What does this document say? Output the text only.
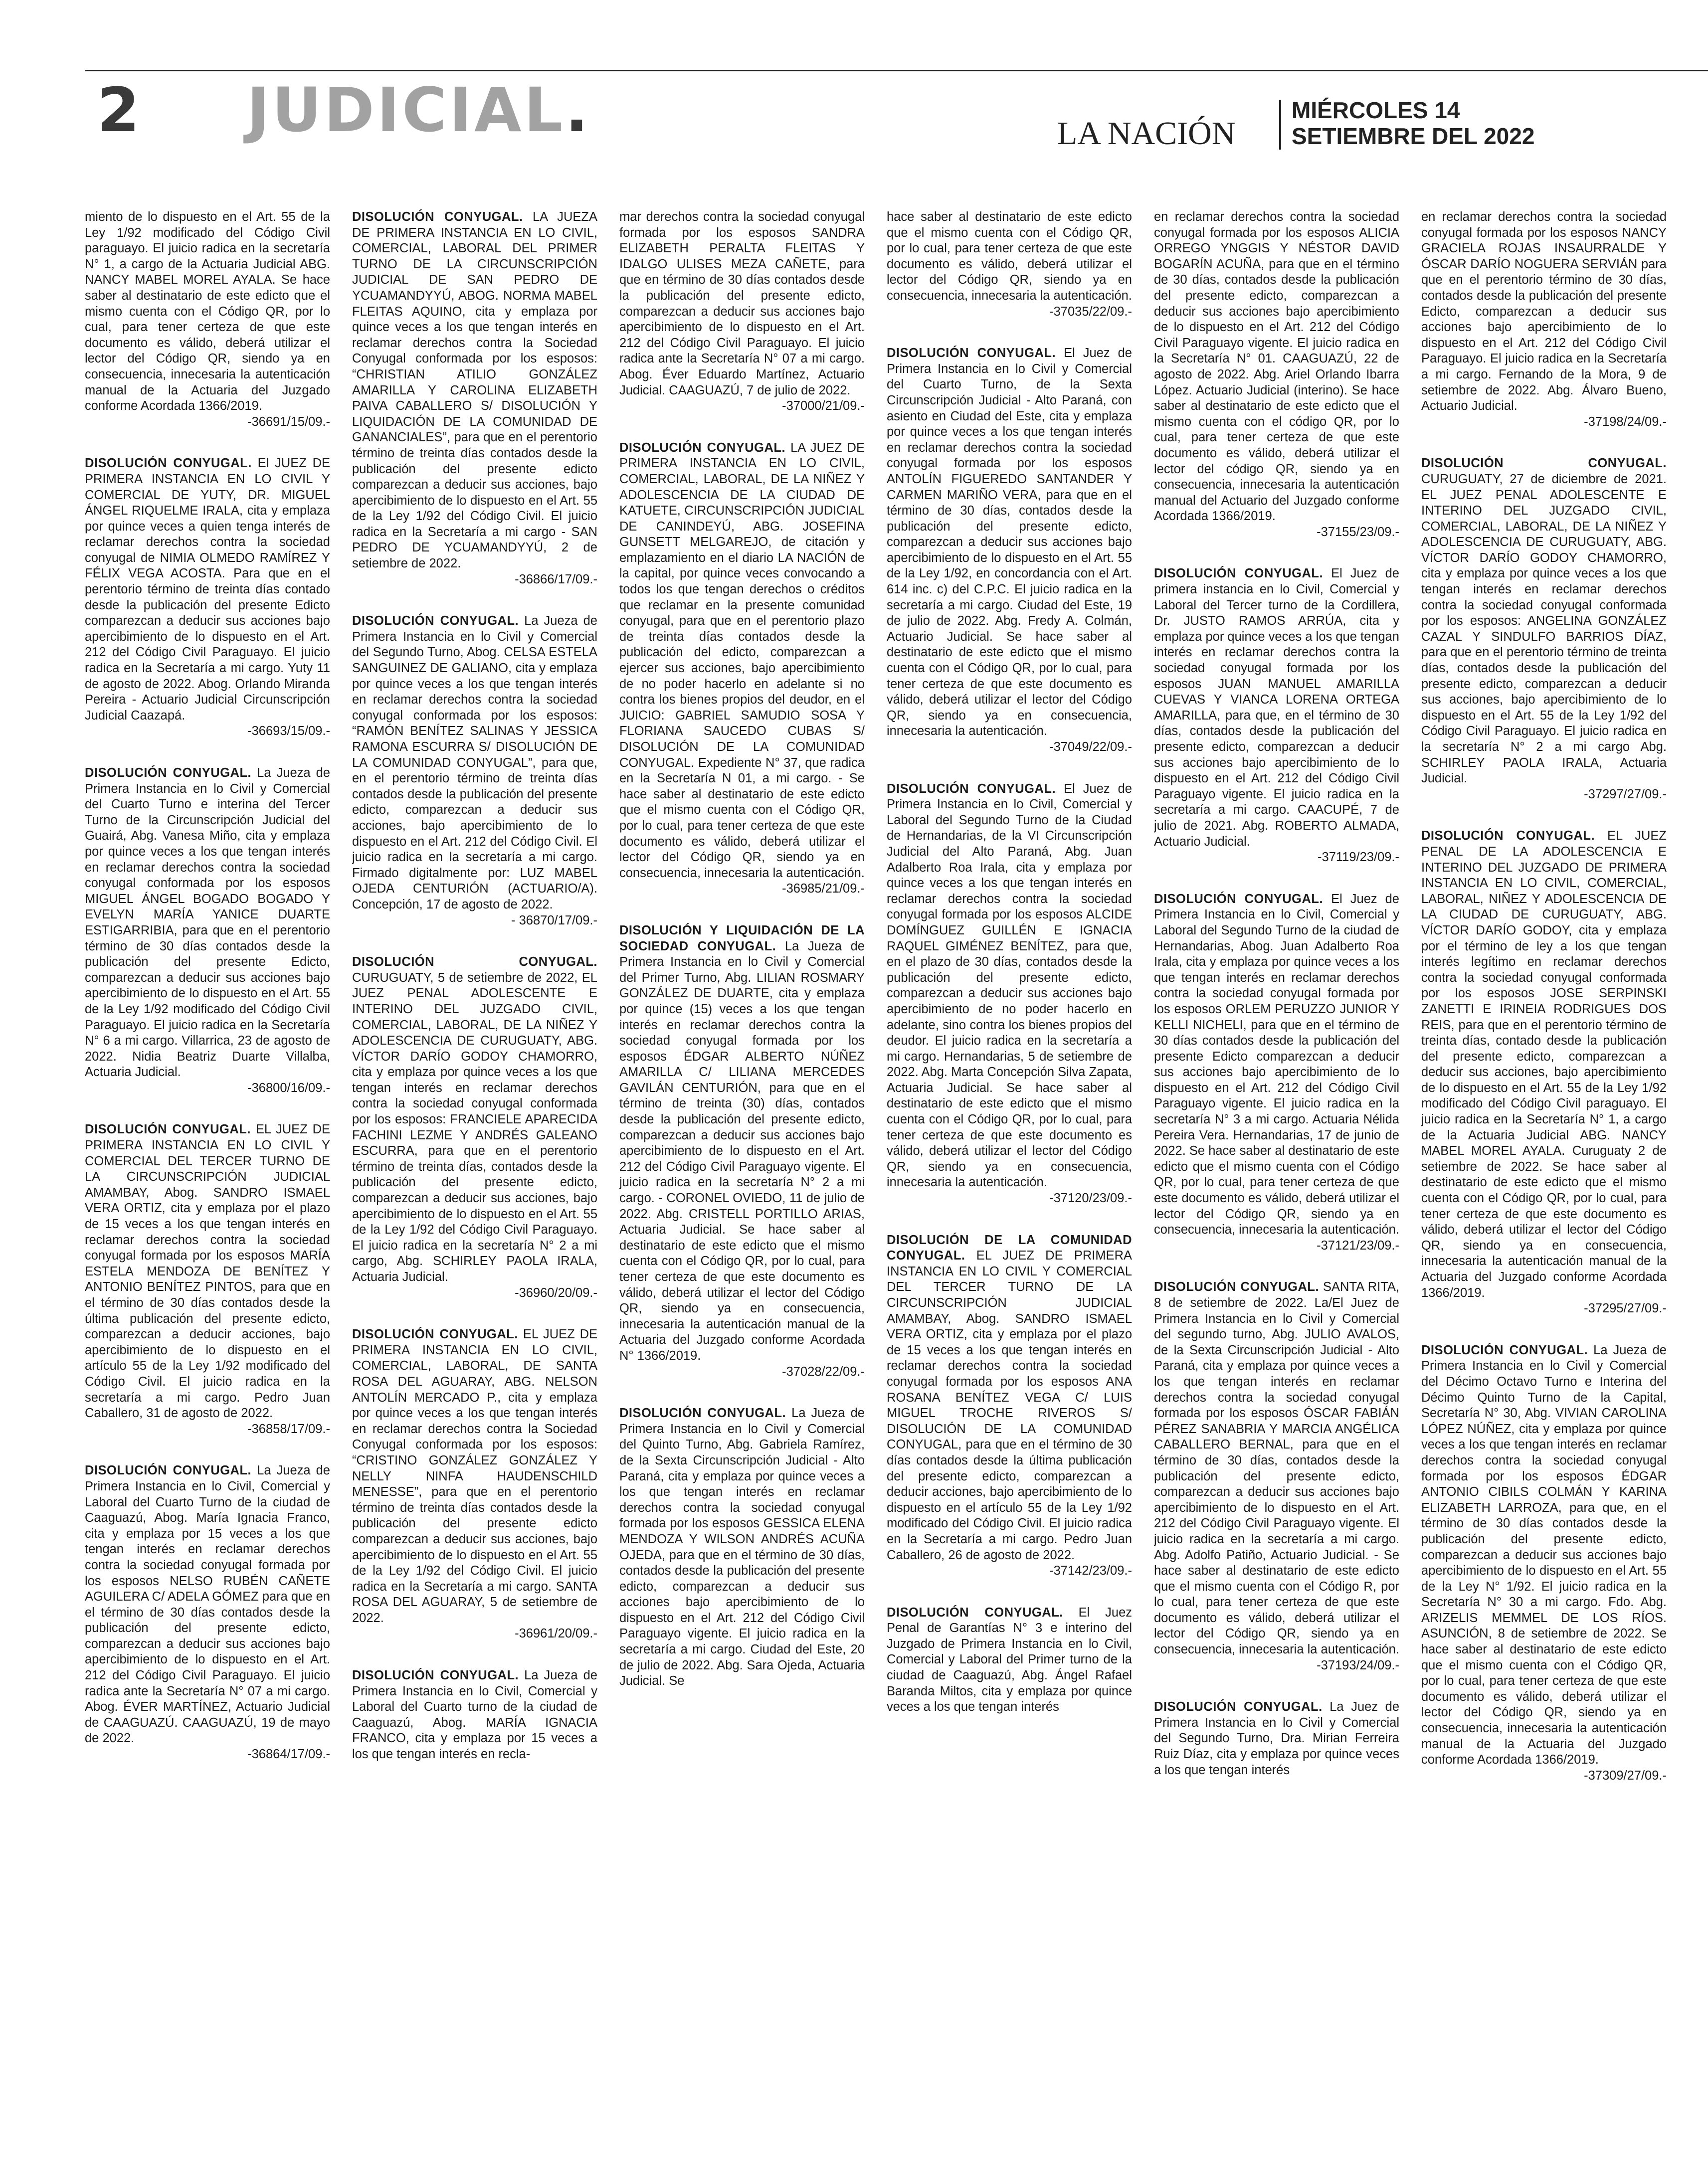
2 JUDICIAL.	LA NACIÓN
MIÉRCOLES 14
SETIEMBRE DEL 2022

miento de lo dispuesto en el Art. 55 de la Ley 1/92 modificado del Código Civil paraguayo. El juicio radica en la secretaría N° 1, a cargo de la Actuaria Judicial ABG. NANCY MABEL MOREL AYALA. Se hace saber al destinatario de este edicto que el mismo cuenta con el Código QR, por lo cual, para tener certeza de que este documento es válido, deberá utilizar el lector del Código QR, siendo ya en consecuencia, innecesaria la autenticación manual de la Actuaria del Juzgado conforme Acordada 1366/2019.
-36691/15/09.-

DISOLUCIÓN CONYUGAL. El JUEZ DE PRIMERA INSTANCIA EN LO CIVIL Y COMERCIAL DE YUTY, DR. MIGUEL ÁNGEL RIQUELME IRALA, cita y emplaza por quince veces a quien tenga interés de reclamar derechos contra la sociedad conyugal de NIMIA OLMEDO RAMÍREZ Y FÉLIX VEGA ACOSTA. Para que en el perentorio término de treinta días contado desde la publicación del presente Edicto comparezcan a deducir sus acciones bajo apercibimiento de lo dispuesto en el Art. 212 del Código Civil Paraguayo. El juicio radica en la Secretaría a mi cargo. Yuty 11 de agosto de 2022. Abog. Orlando Miranda Pereira - Actuario Judicial Circunscripción Judicial Caazapá.
-36693/15/09.-

DISOLUCIÓN CONYUGAL. La Jueza de Primera Instancia en lo Civil y Comercial del Cuarto Turno e interina del Tercer Turno de la Circunscripción Judicial del Guairá, Abg. Vanesa Miño, cita y emplaza por quince veces a los que tengan interés en reclamar derechos contra la sociedad conyugal conformada por los esposos MIGUEL ÁNGEL BOGADO BOGADO Y EVELYN MARÍA YANICE DUARTE ESTIGARRIBIA, para que en el perentorio término de 30 días contados desde la publicación del presente Edicto, comparezcan a deducir sus acciones bajo apercibimiento de lo dispuesto en el Art. 55 de la Ley 1/92 modificado del Código Civil Paraguayo. El juicio radica en la Secretaría N° 6 a mi cargo. Villarrica, 23 de agosto de 2022. Nidia Beatriz Duarte Villalba, Actuaria Judicial.
-36800/16/09.-

DISOLUCIÓN CONYUGAL. EL JUEZ DE PRIMERA INSTANCIA EN LO CIVIL Y COMERCIAL DEL TERCER TURNO DE LA CIRCUNSCRIPCIÓN JUDICIAL AMAMBAY, Abog. SANDRO ISMAEL VERA ORTIZ, cita y emplaza por el plazo de 15 veces a los que tengan interés en reclamar derechos contra la sociedad conyugal formada por los esposos MARÍA ESTELA MENDOZA DE BENÍTEZ Y ANTONIO BENÍTEZ PINTOS, para que en el término de 30 días contados desde la última publicación del presente edicto, comparezcan a deducir acciones, bajo apercibimiento de lo dispuesto en el artículo 55 de la Ley 1/92 modificado del Código Civil. El juicio radica en la secretaría a mi cargo. Pedro Juan Caballero, 31 de agosto de 2022.
-36858/17/09.-

DISOLUCIÓN CONYUGAL. La Jueza de Primera Instancia en lo Civil, Comercial y Laboral del Cuarto Turno de la ciudad de Caaguazú, Abog. María Ignacia Franco, cita y emplaza por 15 veces a los que tengan interés en reclamar derechos contra la sociedad conyugal formada por los esposos NELSO RUBÉN CAÑETE AGUILERA C/ ADELA GÓMEZ para que en el término de 30 días contados desde la publicación del presente edicto, comparezcan a deducir sus acciones bajo apercibimiento de lo dispuesto en el Art. 212 del Código Civil Paraguayo. El juicio radica ante la Secretaría N° 07 a mi cargo. Abog. ÉVER MARTÍNEZ, Actuario Judicial de CAAGUAZÚ. CAAGUAZÚ, 19 de mayo de 2022.
-36864/17/09.-

DISOLUCIÓN CONYUGAL. LA JUEZA DE PRIMERA INSTANCIA EN LO CIVIL, COMERCIAL, LABORAL DEL PRIMER TURNO DE LA CIRCUNSCRIPCIÓN JUDICIAL DE SAN PEDRO DE YCUAMANDYYÚ, ABOG. NORMA MABEL FLEITAS AQUINO, cita y emplaza por quince veces a los que tengan interés en reclamar derechos contra la Sociedad Conyugal conformada por los esposos: “CHRISTIAN ATILIO GONZÁLEZ AMARILLA Y CAROLINA ELIZABETH PAIVA CABALLERO S/ DISOLUCIÓN Y LIQUIDACIÓN DE LA COMUNIDAD DE GANANCIALES”, para que en el perentorio término de treinta días contados desde la publicación del presente edicto comparezcan a deducir sus acciones, bajo apercibimiento de lo dispuesto en el Art. 55 de la Ley 1/92 del Código Civil. El juicio radica en la Secretaría a mi cargo - SAN PEDRO DE YCUAMANDYYÚ, 2 de setiembre de 2022.
-36866/17/09.-

DISOLUCIÓN CONYUGAL. La Jueza de Primera Instancia en lo Civil y Comercial del Segundo Turno, Abog. CELSA ESTELA SANGUINEZ DE GALIANO, cita y emplaza por quince veces a los que tengan interés en reclamar derechos contra la sociedad conyugal conformada por los esposos: “RAMÓN BENÍTEZ SALINAS Y JESSICA RAMONA ESCURRA S/ DISOLUCIÓN DE LA COMUNIDAD CONYUGAL”, para que, en el perentorio término de treinta días contados desde la publicación del presente edicto, comparezcan a deducir sus acciones, bajo apercibimiento de lo dispuesto en el Art. 212 del Código Civil. El juicio radica en la secretaría a mi cargo. Firmado digitalmente por: LUZ MABEL OJEDA CENTURIÓN (ACTUARIO/A). Concepción, 17 de agosto de 2022.
- 36870/17/09.-

DISOLUCIÓN CONYUGAL. CURUGUATY, 5 de setiembre de 2022, EL JUEZ PENAL ADOLESCENTE E INTERINO DEL JUZGADO CIVIL, COMERCIAL, LABORAL, DE LA NIÑEZ Y ADOLESCENCIA DE CURUGUATY, ABG. VÍCTOR DARÍO GODOY CHAMORRO, cita y emplaza por quince veces a los que tengan interés en reclamar derechos contra la sociedad conyugal conformada por los esposos: FRANCIELE APARECIDA FACHINI LEZME Y ANDRÉS GALEANO ESCURRA, para que en el perentorio término de treinta días, contados desde la publicación del presente edicto, comparezcan a deducir sus acciones, bajo apercibimiento de lo dispuesto en el Art. 55 de la Ley 1/92 del Código Civil Paraguayo. El juicio radica en la secretaría N° 2 a mi cargo, Abg. SCHIRLEY PAOLA IRALA, Actuaria Judicial.
-36960/20/09.-

DISOLUCIÓN CONYUGAL. EL JUEZ DE PRIMERA INSTANCIA EN LO CIVIL, COMERCIAL, LABORAL, DE SANTA ROSA DEL AGUARAY, ABG. NELSON ANTOLÍN MERCADO P., cita y emplaza por quince veces a los que tengan interés en reclamar derechos contra la Sociedad Conyugal conformada por los esposos: “CRISTINO GONZÁLEZ GONZÁLEZ Y NELLY NINFA HAUDENSCHILD MENESSE”, para que en el perentorio término de treinta días contados desde la publicación del presente edicto comparezcan a deducir sus acciones, bajo apercibimiento de lo dispuesto en el Art. 55 de la Ley 1/92 del Código Civil. El juicio radica en la Secretaría a mi cargo. SANTA ROSA DEL AGUARAY, 5 de setiembre de 2022.
-36961/20/09.-

DISOLUCIÓN CONYUGAL. La Jueza de Primera Instancia en lo Civil, Comercial y Laboral del Cuarto turno de la ciudad de Caaguazú, Abog. MARÍA IGNACIA FRANCO, cita y emplaza por 15 veces a los que tengan interés en recla-

mar derechos contra la sociedad conyugal formada por los esposos SANDRA ELIZABETH PERALTA FLEITAS Y IDALGO ULISES MEZA CAÑETE, para que en término de 30 días contados desde la publicación del presente edicto, comparezcan a deducir sus acciones bajo apercibimiento de lo dispuesto en el Art. 212 del Código Civil Paraguayo. El juicio radica ante la Secretaría N° 07 a mi cargo. Abog. Éver Eduardo Martínez, Actuario Judicial. CAAGUAZÚ, 7 de julio de 2022.
-37000/21/09.-

DISOLUCIÓN CONYUGAL. LA JUEZ DE PRIMERA INSTANCIA EN LO CIVIL, COMERCIAL, LABORAL, DE LA NIÑEZ Y ADOLESCENCIA DE LA CIUDAD DE KATUETE, CIRCUNSCRIPCIÓN JUDICIAL DE CANINDEYÚ, ABG. JOSEFINA GUNSETT MELGAREJO, de citación y emplazamiento en el diario LA NACIÓN de la capital, por quince veces convocando a todos los que tengan derechos o créditos que reclamar en la presente comunidad conyugal, para que en el perentorio plazo de treinta días contados desde la publicación del edicto, comparezcan a ejercer sus acciones, bajo apercibimiento de no poder hacerlo en adelante si no contra los bienes propios del deudor, en el JUICIO: GABRIEL SAMUDIO SOSA Y FLORIANA SAUCEDO CUBAS S/ DISOLUCIÓN DE LA COMUNIDAD CONYUGAL. Expediente N° 37, que radica en la Secretaría N 01, a mi cargo. - Se hace saber al destinatario de este edicto que el mismo cuenta con el Código QR, por lo cual, para tener certeza de que este documento es válido, deberá utilizar el lector del Código QR, siendo ya en consecuencia, innecesaria la autenticación.
-36985/21/09.-

DISOLUCIÓN Y LIQUIDACIÓN DE LA SOCIEDAD CONYUGAL. La Jueza de Primera Instancia en lo Civil y Comercial del Primer Turno, Abg. LILIAN ROSMARY GONZÁLEZ DE DUARTE, cita y emplaza por quince (15) veces a los que tengan interés en reclamar derechos contra la sociedad conyugal formada por los esposos ÉDGAR ALBERTO NÚÑEZ AMARILLA C/ LILIANA MERCEDES GAVILÁN CENTURIÓN, para que en el término de treinta (30) días, contados desde la publicación del presente edicto, comparezcan a deducir sus acciones bajo apercibimiento de lo dispuesto en el Art. 212 del Código Civil Paraguayo vigente. El juicio radica en la secretaría N° 2 a mi cargo. - CORONEL OVIEDO, 11 de julio de 2022. Abg. CRISTELL PORTILLO ARIAS, Actuaria Judicial. Se hace saber al destinatario de este edicto que el mismo cuenta con el Código QR, por lo cual, para tener certeza de que este documento es válido, deberá utilizar el lector del Código QR, siendo ya en consecuencia, innecesaria la autenticación manual de la Actuaria del Juzgado conforme Acordada N° 1366/2019.
-37028/22/09.-

DISOLUCIÓN CONYUGAL. La Jueza de Primera Instancia en lo Civil y Comercial del Quinto Turno, Abg. Gabriela Ramírez, de la Sexta Circunscripción Judicial - Alto Paraná, cita y emplaza por quince veces a los que tengan interés en reclamar derechos contra la sociedad conyugal formada por los esposos GESSICA ELENA MENDOZA Y WILSON ANDRÉS ACUÑA OJEDA, para que en el término de 30 días, contados desde la publicación del presente edicto, comparezcan a deducir sus acciones bajo apercibimiento de lo dispuesto en el Art. 212 del Código Civil Paraguayo vigente. El juicio radica en la secretaría a mi cargo. Ciudad del Este, 20 de julio de 2022. Abg. Sara Ojeda, Actuaria Judicial. Se

hace saber al destinatario de este edicto que el mismo cuenta con el Código QR, por lo cual, para tener certeza de que este documento es válido, deberá utilizar el lector del Código QR, siendo ya en consecuencia, innecesaria la autenticación.
-37035/22/09.-

DISOLUCIÓN CONYUGAL. El Juez de Primera Instancia en lo Civil y Comercial del Cuarto Turno, de la Sexta Circunscripción Judicial - Alto Paraná, con asiento en Ciudad del Este, cita y emplaza por quince veces a los que tengan interés en reclamar derechos contra la sociedad conyugal formada por los esposos ANTOLÍN FIGUEREDO SANTANDER Y CARMEN MARIÑO VERA, para que en el término de 30 días, contados desde la publicación del presente edicto, comparezcan a deducir sus acciones bajo apercibimiento de lo dispuesto en el Art. 55 de la Ley 1/92, en concordancia con el Art. 614 inc. c) del C.P.C. El juicio radica en la secretaría a mi cargo. Ciudad del Este, 19 de julio de 2022. Abg. Fredy A. Colmán, Actuario Judicial. Se hace saber al destinatario de este edicto que el mismo cuenta con el Código QR, por lo cual, para tener certeza de que este documento es válido, deberá utilizar el lector del Código QR, siendo ya en consecuencia, innecesaria la autenticación.
-37049/22/09.-

DISOLUCIÓN CONYUGAL. El Juez de Primera Instancia en lo Civil, Comercial y Laboral del Segundo Turno de la Ciudad de Hernandarias, de la VI Circunscripción Judicial del Alto Paraná, Abg. Juan Adalberto Roa Irala, cita y emplaza por quince veces a los que tengan interés en reclamar derechos contra la sociedad conyugal formada por los esposos ALCIDE DOMÍNGUEZ GUILLÉN E IGNACIA RAQUEL GIMÉNEZ BENÍTEZ, para que, en el plazo de 30 días, contados desde la publicación del presente edicto, comparezcan a deducir sus acciones bajo apercibimiento de no poder hacerlo en adelante, sino contra los bienes propios del deudor. El juicio radica en la secretaría a mi cargo. Hernandarias, 5 de setiembre de 2022. Abg. Marta Concepción Silva Zapata, Actuaria Judicial. Se hace saber al destinatario de este edicto que el mismo cuenta con el Código QR, por lo cual, para tener certeza de que este documento es válido, deberá utilizar el lector del Código QR, siendo ya en consecuencia, innecesaria la autenticación.
-37120/23/09.-

DISOLUCIÓN DE LA COMUNIDAD CONYUGAL. EL JUEZ DE PRIMERA INSTANCIA EN LO CIVIL Y COMERCIAL DEL TERCER TURNO DE LA CIRCUNSCRIPCIÓN JUDICIAL AMAMBAY, Abog. SANDRO ISMAEL VERA ORTIZ, cita y emplaza por el plazo de 15 veces a los que tengan interés en reclamar derechos contra la sociedad conyugal formada por los esposos ANA ROSANA BENÍTEZ VEGA C/ LUIS MIGUEL TROCHE RIVEROS S/ DISOLUCIÓN DE LA COMUNIDAD CONYUGAL, para que en el término de 30 días contados desde la última publicación del presente edicto, comparezcan a deducir acciones, bajo apercibimiento de lo dispuesto en el artículo 55 de la Ley 1/92 modificado del Código Civil. El juicio radica en la Secretaría a mi cargo. Pedro Juan Caballero, 26 de agosto de 2022.
-37142/23/09.-

DISOLUCIÓN CONYUGAL. El Juez Penal de Garantías N° 3 e interino del Juzgado de Primera Instancia en lo Civil, Comercial y Laboral del Primer turno de la ciudad de Caaguazú, Abg. Ángel Rafael Baranda Miltos, cita y emplaza por quince veces a los que tengan interés

en reclamar derechos contra la sociedad conyugal formada por los esposos ALICIA ORREGO YNGGIS Y NÉSTOR DAVID BOGARÍN ACUÑA, para que en el término de 30 días, contados desde la publicación del presente edicto, comparezcan a deducir sus acciones bajo apercibimiento de lo dispuesto en el Art. 212 del Código Civil Paraguayo vigente. El juicio radica en la Secretaría N° 01. CAAGUAZÚ, 22 de agosto de 2022. Abg. Ariel Orlando Ibarra López. Actuario Judicial (interino). Se hace saber al destinatario de este edicto que el mismo cuenta con el código QR, por lo cual, para tener certeza de que este documento es válido, deberá utilizar el lector del código QR, siendo ya en consecuencia, innecesaria la autenticación manual del Actuario del Juzgado conforme Acordada 1366/2019.
-37155/23/09.-

DISOLUCIÓN CONYUGAL. El Juez de primera instancia en lo Civil, Comercial y Laboral del Tercer turno de la Cordillera, Dr. JUSTO RAMOS ARRÚA, cita y emplaza por quince veces a los que tengan interés en reclamar derechos contra la sociedad conyugal formada por los esposos JUAN MANUEL AMARILLA CUEVAS Y VIANCA LORENA ORTEGA AMARILLA, para que, en el término de 30 días, contados desde la publicación del presente edicto, comparezcan a deducir sus acciones bajo apercibimiento de lo dispuesto en el Art. 212 del Código Civil Paraguayo vigente. El juicio radica en la secretaría a mi cargo. CAACUPÉ, 7 de julio de 2021. Abg. ROBERTO ALMADA, Actuario Judicial.
-37119/23/09.-

DISOLUCIÓN CONYUGAL. El Juez de Primera Instancia en lo Civil, Comercial y Laboral del Segundo Turno de la ciudad de Hernandarias, Abog. Juan Adalberto Roa Irala, cita y emplaza por quince veces a los que tengan interés en reclamar derechos contra la sociedad conyugal formada por los esposos ORLEM PERUZZO JUNIOR Y KELLI NICHELI, para que en el término de 30 días contados desde la publicación del presente Edicto comparezcan a deducir sus acciones bajo apercibimiento de lo dispuesto en el Art. 212 del Código Civil Paraguayo vigente. El juicio radica en la secretaría N° 3 a mi cargo. Actuaria Nélida Pereira Vera. Hernandarias, 17 de junio de 2022. Se hace saber al destinatario de este edicto que el mismo cuenta con el Código QR, por lo cual, para tener certeza de que este documento es válido, deberá utilizar el lector del Código QR, siendo ya en consecuencia, innecesaria la autenticación.
-37121/23/09.-

DISOLUCIÓN CONYUGAL. SANTA RITA, 8 de setiembre de 2022. La/El Juez de Primera Instancia en lo Civil y Comercial del segundo turno, Abg. JULIO AVALOS, de la Sexta Circunscripción Judicial - Alto Paraná, cita y emplaza por quince veces a los que tengan interés en reclamar derechos contra la sociedad conyugal formada por los esposos ÓSCAR FABIÁN PÉREZ SANABRIA Y MARCIA ANGÉLICA CABALLERO BERNAL, para que en el término de 30 días, contados desde la publicación del presente edicto, comparezcan a deducir sus acciones bajo apercibimiento de lo dispuesto en el Art. 212 del Código Civil Paraguayo vigente. El juicio radica en la secretaría a mi cargo. Abg. Adolfo Patiño, Actuario Judicial. - Se hace saber al destinatario de este edicto que el mismo cuenta con el Código R, por lo cual, para tener certeza de que este documento es válido, deberá utilizar el lector del Código QR, siendo ya en consecuencia, innecesaria la autenticación.
-37193/24/09.-

DISOLUCIÓN CONYUGAL. La Juez de Primera Instancia en lo Civil y Comercial del Segundo Turno, Dra. Mirian Ferreira Ruiz Díaz, cita y emplaza por quince veces a los que tengan interés

en reclamar derechos contra la sociedad conyugal formada por los esposos NANCY GRACIELA ROJAS INSAURRALDE Y ÓSCAR DARÍO NOGUERA SERVIÁN para que en el perentorio término de 30 días, contados desde la publicación del presente Edicto, comparezcan a deducir sus acciones bajo apercibimiento de lo dispuesto en el Art. 212 del Código Civil Paraguayo. El juicio radica en la Secretaría a mi cargo. Fernando de la Mora, 9 de setiembre de 2022. Abg. Álvaro Bueno, Actuario Judicial.
-37198/24/09.-

DISOLUCIÓN CONYUGAL. CURUGUATY, 27 de diciembre de 2021. EL JUEZ PENAL ADOLESCENTE E INTERINO DEL JUZGADO CIVIL, COMERCIAL, LABORAL, DE LA NIÑEZ Y ADOLESCENCIA DE CURUGUATY, ABG. VÍCTOR DARÍO GODOY CHAMORRO, cita y emplaza por quince veces a los que tengan interés en reclamar derechos contra la sociedad conyugal conformada por los esposos: ANGELINA GONZÁLEZ CAZAL Y SINDULFO BARRIOS DÍAZ, para que en el perentorio término de treinta días, contados desde la publicación del presente edicto, comparezcan a deducir sus acciones, bajo apercibimiento de lo dispuesto en el Art. 55 de la Ley 1/92 del Código Civil Paraguayo. El juicio radica en la secretaría N° 2 a mi cargo Abg. SCHIRLEY PAOLA IRALA, Actuaria Judicial.
-37297/27/09.-

DISOLUCIÓN CONYUGAL. EL JUEZ PENAL DE LA ADOLESCENCIA E INTERINO DEL JUZGADO DE PRIMERA INSTANCIA EN LO CIVIL, COMERCIAL, LABORAL, NIÑEZ Y ADOLESCENCIA DE LA CIUDAD DE CURUGUATY, ABG. VÍCTOR DARÍO GODOY, cita y emplaza por el término de ley a los que tengan interés legítimo en reclamar derechos contra la sociedad conyugal conformada por los esposos JOSE SERPINSKI ZANETTI E IRINEIA RODRIGUES DOS REIS, para que en el perentorio término de treinta días, contado desde la publicación del presente edicto, comparezcan a deducir sus acciones, bajo apercibimiento de lo dispuesto en el Art. 55 de la Ley 1/92 modificado del Código Civil paraguayo. El juicio radica en la Secretaría N° 1, a cargo de la Actuaria Judicial ABG. NANCY MABEL MOREL AYALA. Curuguaty 2 de setiembre de 2022. Se hace saber al destinatario de este edicto que el mismo cuenta con el Código QR, por lo cual, para tener certeza de que este documento es válido, deberá utilizar el lector del Código QR, siendo ya en consecuencia, innecesaria la autenticación manual de la Actuaria del Juzgado conforme Acordada 1366/2019.
-37295/27/09.-

DISOLUCIÓN CONYUGAL. La Jueza de Primera Instancia en lo Civil y Comercial del Décimo Octavo Turno e Interina del Décimo Quinto Turno de la Capital, Secretaría N° 30, Abg. VIVIAN CAROLINA LÓPEZ NÚÑEZ, cita y emplaza por quince veces a los que tengan interés en reclamar derechos contra la sociedad conyugal formada por los esposos ÉDGAR ANTONIO CIBILS COLMÁN Y KARINA ELIZABETH LARROZA, para que, en el término de 30 días contados desde la publicación del presente edicto, comparezcan a deducir sus acciones bajo apercibimiento de lo dispuesto en el Art. 55 de la Ley N° 1/92. El juicio radica en la Secretaría N° 30 a mi cargo. Fdo. Abg. ARIZELIS MEMMEL DE LOS RÍOS. ASUNCIÓN, 8 de setiembre de 2022. Se hace saber al destinatario de este edicto que el mismo cuenta con el Código QR, por lo cual, para tener certeza de que este documento es válido, deberá utilizar el lector del Código QR, siendo ya en consecuencia, innecesaria la autenticación manual de la Actuaria del Juzgado conforme Acordada 1366/2019.
-37309/27/09.-
